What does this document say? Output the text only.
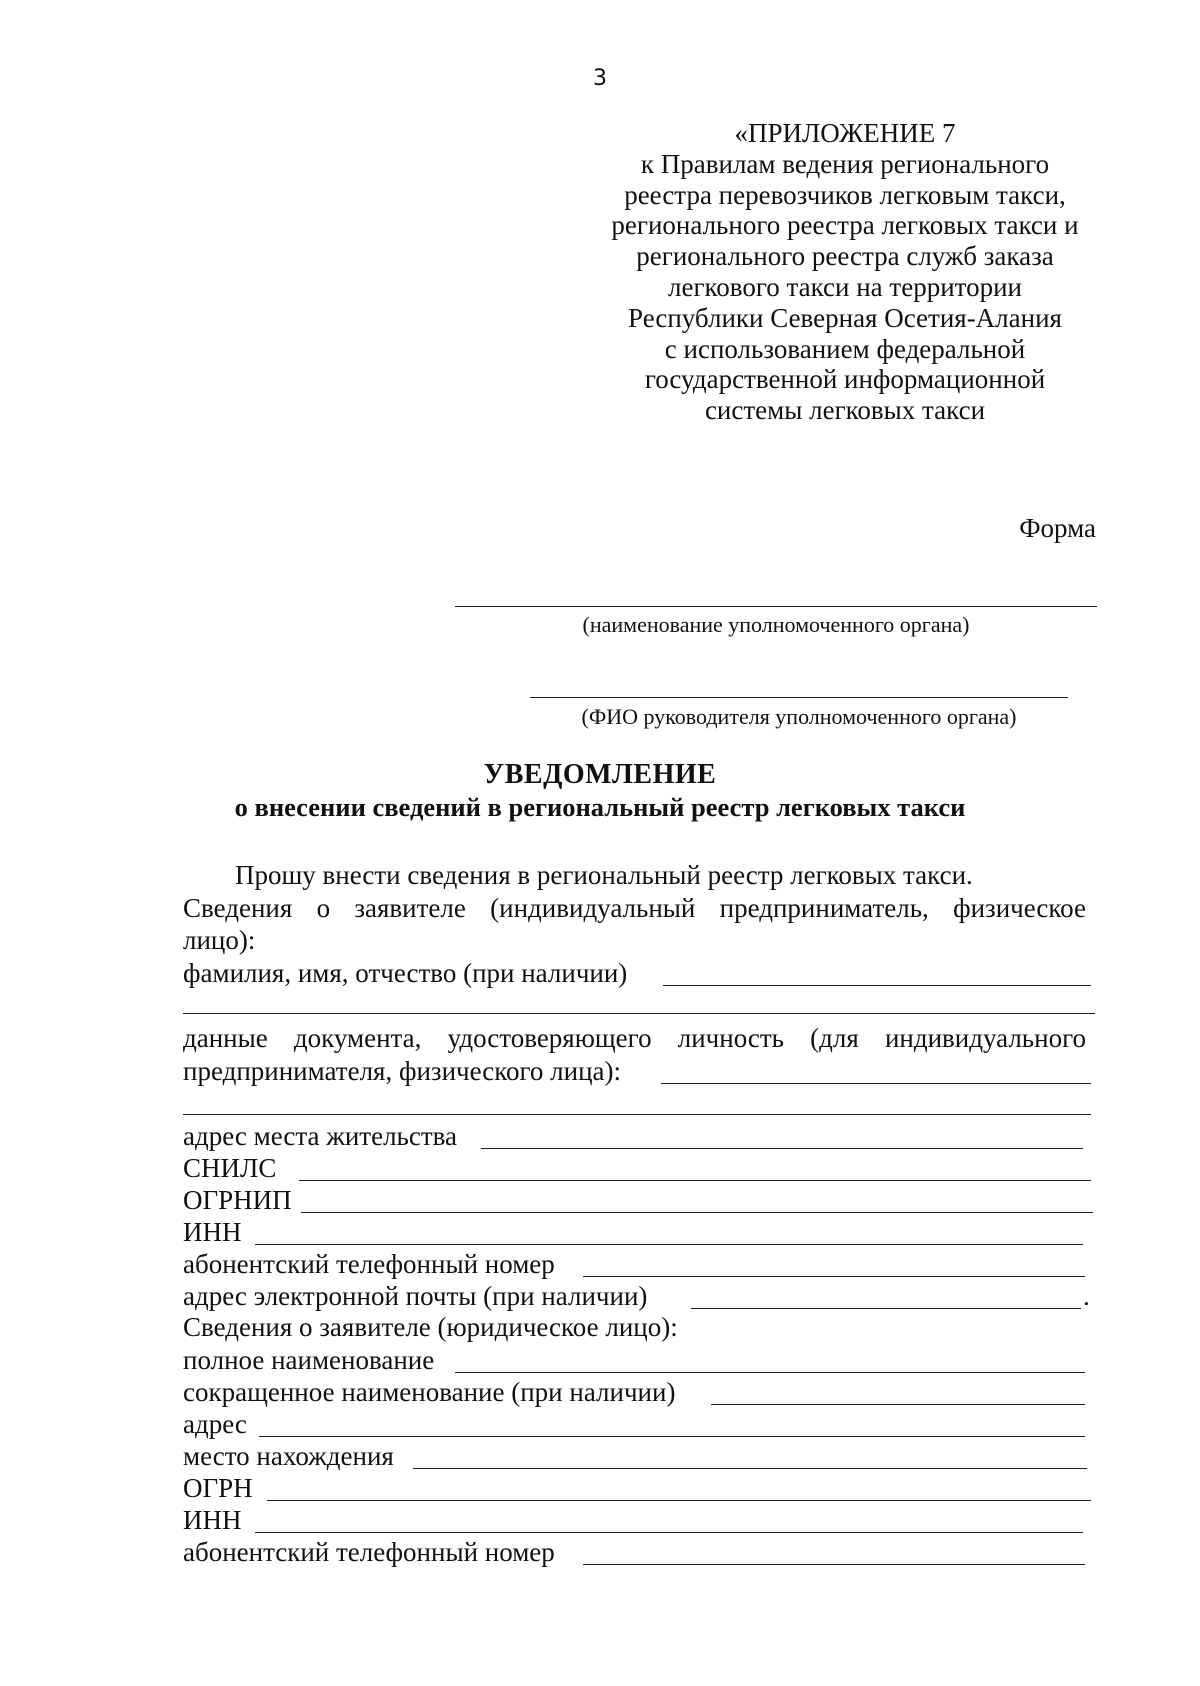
3
«ПРИЛОЖЕНИЕ 7
к Правилам ведения регионального
реестра перевозчиков легковым такси,
регионального реестра легковых такси и
регионального реестра служб заказа
легкового такси на территории
Республики Северная Осетия-Алания
с использованием федеральной
государственной информационной
системы легковых такси
Форма
(наименование уполномоченного органа)
(ФИО руководителя уполномоченного органа)
УВЕДОМЛЕНИЕ
о внесении сведений в региональный реестр легковых такси
Прошу внести сведения в региональный реестр легковых такси.
Сведения о заявителе (индивидуальный предприниматель, физическое
лицо):
фамилия, имя, отчество (при наличии)
данные документа, удостоверяющего личность (для индивидуального
предпринимателя, физического лица):
адрес места жительства
СНИЛС
ОГРНИП
ИНН
абонентский телефонный номер
адрес электронной почты (при наличии)	.
Сведения о заявителе (юридическое лицо):
полное наименование
сокращенное наименование (при наличии)
адрес
место нахождения
ОГРН
ИНН
абонентский телефонный номер
